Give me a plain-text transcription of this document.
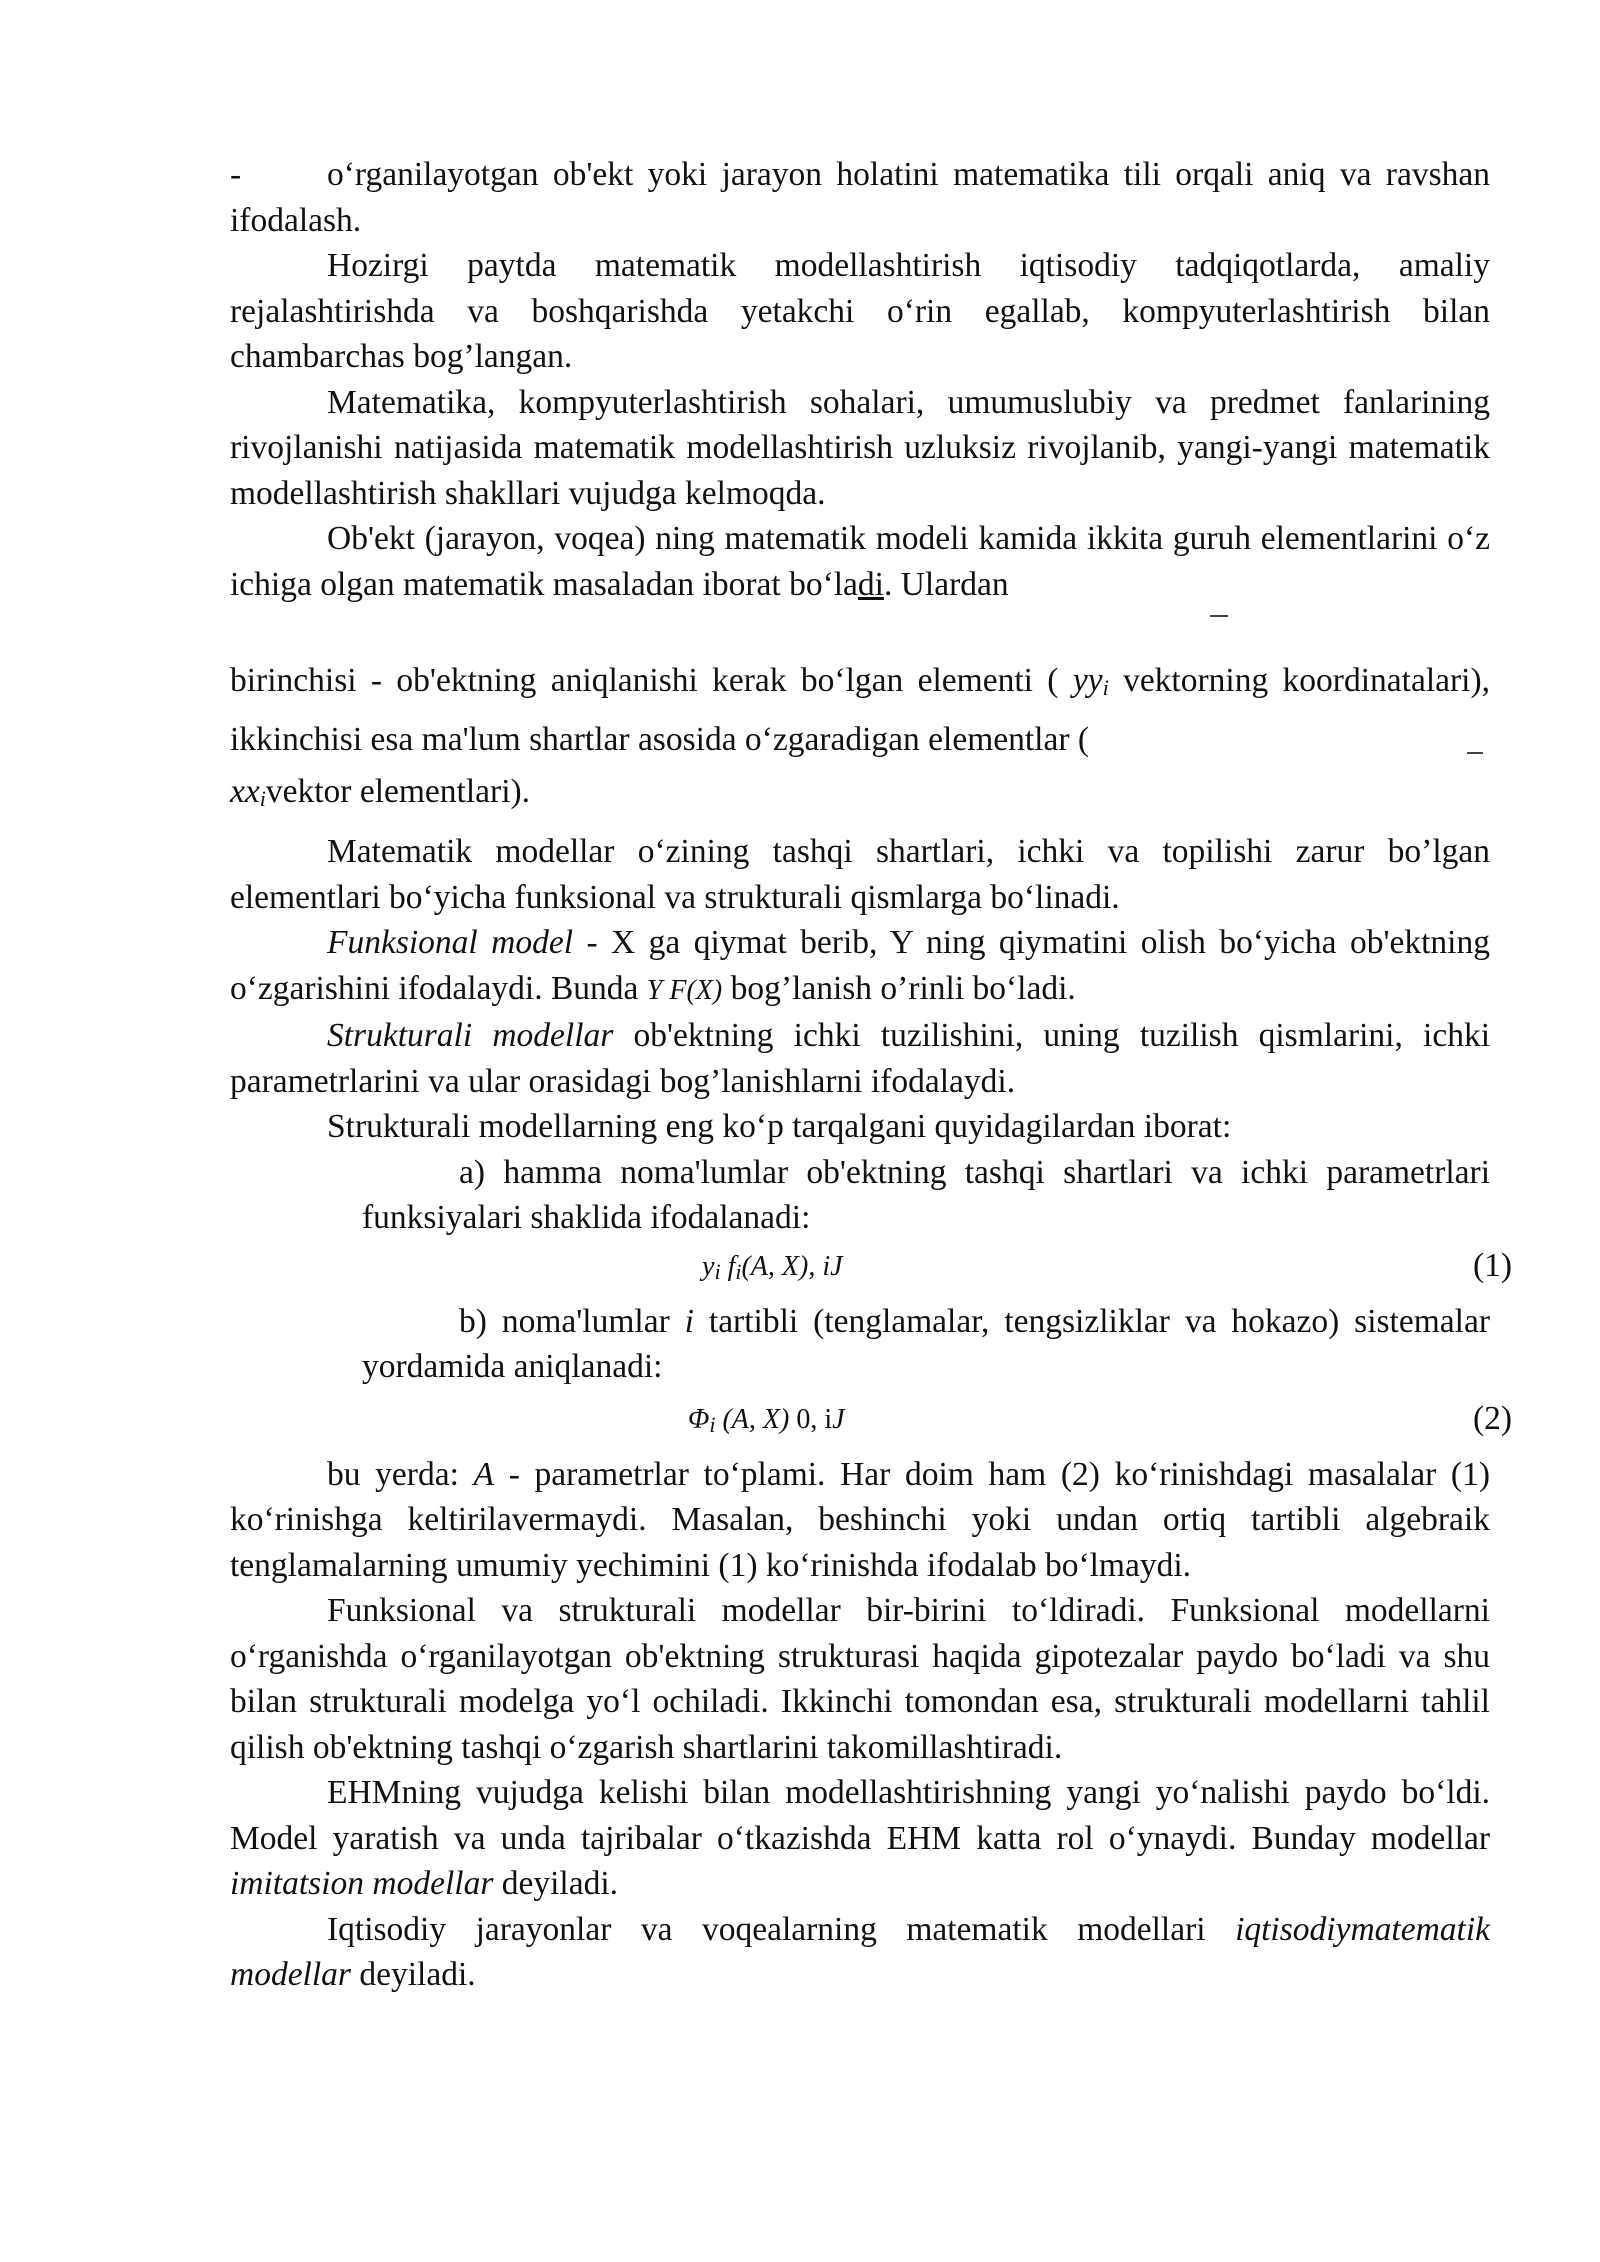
-	o‘rganilayotgan ob'ekt yoki jarayon holatini matematika tili orqali aniq va ravshan ifodalash.

Hozirgi paytda matematik modellashtirish iqtisodiy tadqiqotlarda, amaliy rejalashtirishda va boshqarishda yetakchi o‘rin egallab, kompyuterlashtirish bilan chambarchas bog’langan.

Matematika, kompyuterlashtirish sohalari, umumuslubiy va predmet fanlarining rivojlanishi natijasida matematik modellashtirish uzluksiz rivojlanib, yangi-yangi matematik modellashtirish shakllari vujudga kelmoqda.

Ob'ekt (jarayon, voqea) ning matematik modeli kamida ikkita guruh elementlarini o‘z ichiga olgan matematik masaladan iborat bo‘ladi. Ulardan

birinchisi - ob'ektning aniqlanishi kerak bo‘lgan elementi ( yyi vektorning koordinatalari), ikkinchisi esa ma'lum shartlar asosida o‘zgaradigan elementlar (
xxivektor elementlari).

Matematik modellar o‘zining tashqi shartlari, ichki va topilishi zarur bo’lgan elementlari bo‘yicha funksional va strukturali qismlarga bo‘linadi.

Funksional model - X ga qiymat berib, Y ning qiymatini olish bo‘yicha ob'ektning o‘zgarishini ifodalaydi. Bunda Y F(X) bog’lanish o’rinli bo‘ladi.

Strukturali modellar ob'ektning ichki tuzilishini, uning tuzilish qismlarini, ichki parametrlarini va ular orasidagi bog’lanishlarni ifodalaydi.

Strukturali modellarning eng ko‘p tarqalgani quyidagilardan iborat:

a) hamma noma'lumlar ob'ektning tashqi shartlari va ichki parametrlari funksiyalari shaklida ifodalanadi:

yi fi(A, X), iJ	(1)

b) noma'lumlar i tartibli (tenglamalar, tengsizliklar va hokazo) sistemalar yordamida aniqlanadi:

Φi (A, X) 0, iJ	(2)

bu yerda: A - parametrlar to‘plami. Har doim ham (2) ko‘rinishdagi masalalar (1) ko‘rinishga keltirilavermaydi. Masalan, beshinchi yoki undan ortiq tartibli algebraik tenglamalarning umumiy yechimini (1) ko‘rinishda ifodalab bo‘lmaydi.

Funksional va strukturali modellar bir-birini to‘ldiradi. Funksional modellarni o‘rganishda o‘rganilayotgan ob'ektning strukturasi haqida gipotezalar paydo bo‘ladi va shu bilan strukturali modelga yo‘l ochiladi. Ikkinchi tomondan esa, strukturali modellarni tahlil qilish ob'ektning tashqi o‘zgarish shartlarini takomillashtiradi.

EHMning vujudga kelishi bilan modellashtirishning yangi yo‘nalishi paydo bo‘ldi. Model yaratish va unda tajribalar o‘tkazishda EHM katta rol o‘ynaydi. Bunday modellar imitatsion modellar deyiladi.

Iqtisodiy jarayonlar va voqealarning matematik modellari iqtisodiymatematik modellar deyiladi.
